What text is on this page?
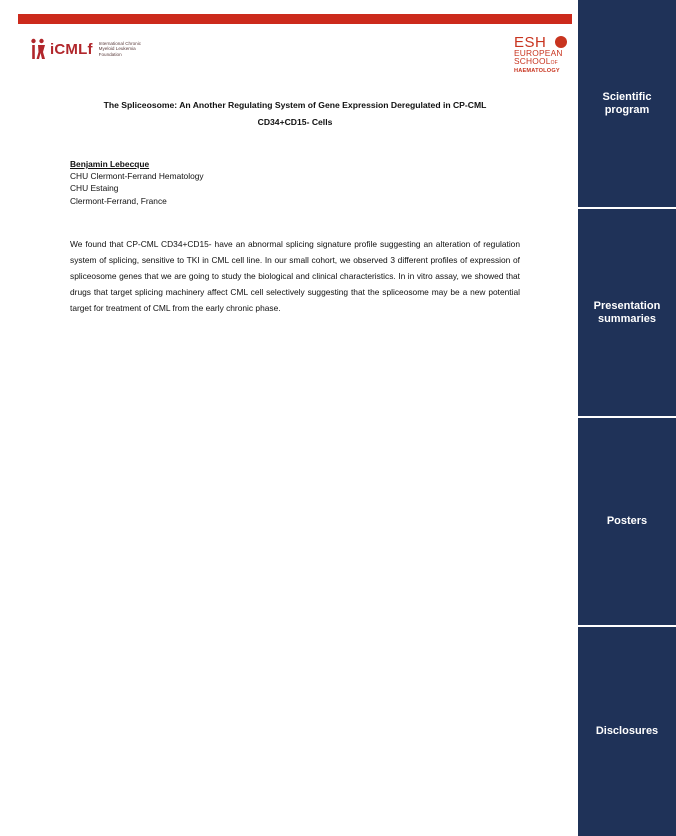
iCMLf International Chronic Myeloid Leukemia Foundation
ESH
EUROPEAN
SCHOOLOF
HAEMATOLOGY
Scientific program
Presentation summaries
Posters
Disclosures
The Spliceosome: An Another Regulating System of Gene Expression Deregulated in CP-CML
CD34+CD15- Cells
Benjamin Lebecque
CHU Clermont-Ferrand Hematology
CHU Estaing
Clermont-Ferrand, France
We found that CP-CML CD34+CD15- have an abnormal splicing signature profile suggesting an alteration of regulation system of splicing, sensitive to TKI in CML cell line. In our small cohort, we observed 3 different profiles of expression of spliceosome genes that we are going to study the biological and clinical characteristics. In in vitro assay, we showed that drugs that target splicing machinery affect CML cell selectively suggesting that the spliceosome may be a new potential target for treatment of CML from the early chronic phase.
